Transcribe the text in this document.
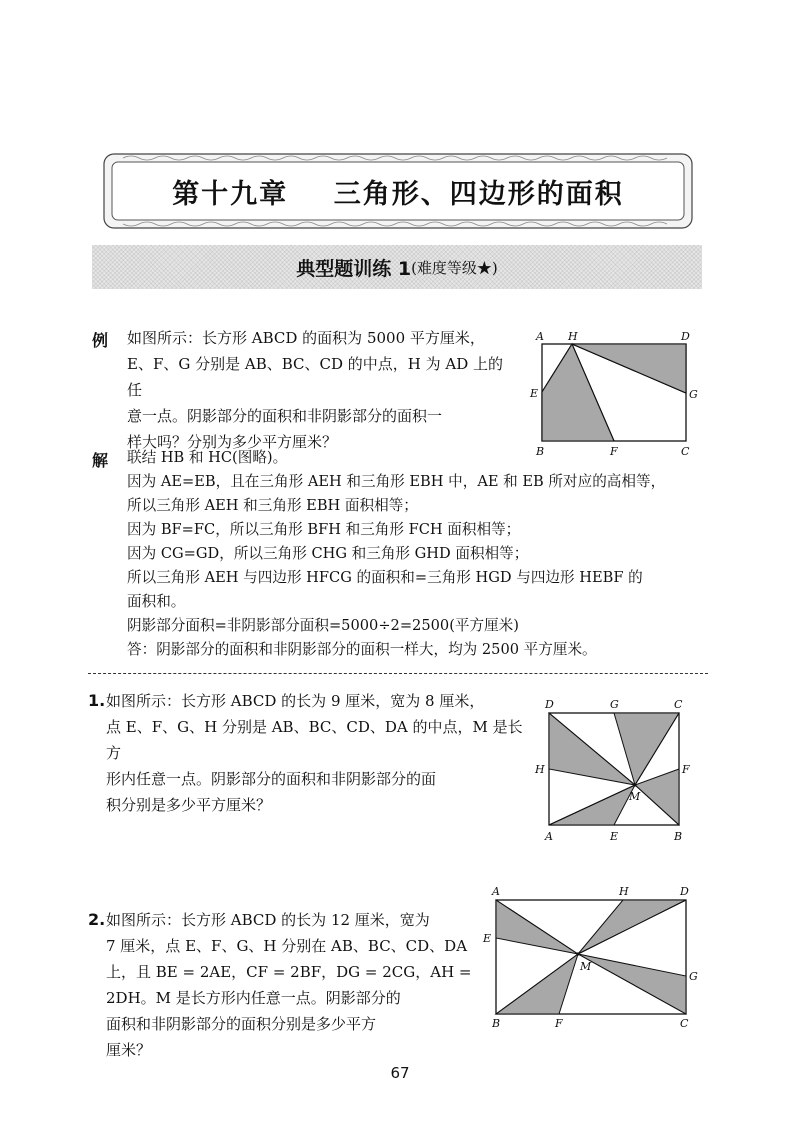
第十九章    三角形、四边形的面积
典型题训练 1 (难度等级★)
例 如图所示：长方形 ABCD 的面积为 5000 平方厘米，
E、F、G 分别是 AB、BC、CD 的中点，H 为 AD 上的任
意一点。阴影部分的面积和非阴影部分的面积一
样大吗？分别为多少平方厘米？
A H	D
E	G
B	F	C
解 联结 HB 和 HC(图略)。
因为 AE=EB，且在三角形 AEH 和三角形 EBH 中，AE 和 EB 所对应的高相等，
所以三角形 AEH 和三角形 EBH 面积相等；
因为 BF=FC，所以三角形 BFH 和三角形 FCH 面积相等；
因为 CG=GD，所以三角形 CHG 和三角形 GHD 面积相等；
所以三角形 AEH 与四边形 HFCG 的面积和=三角形 HGD 与四边形 HEBF 的
面积和。
阴影部分面积=非阴影部分面积=5000÷2=2500(平方厘米)
答：阴影部分的面积和非阴影部分的面积一样大，均为 2500 平方厘米。
1. 如图所示：长方形 ABCD 的长为 9 厘米，宽为 8 厘米，
点 E、F、G、H 分别是 AB、BC、CD、DA 的中点，M 是长方
形内任意一点。阴影部分的面积和非阴影部分的面
积分别是多少平方厘米？
D	G	C
H	F
M
A	E	B
2. 如图所示：长方形 ABCD 的长为 12 厘米，宽为
7 厘米，点 E、F、G、H 分别在 AB、BC、CD、DA
上，且 BE = 2AE，CF = 2BF，DG = 2CG，AH =
2DH。M 是长方形内任意一点。阴影部分的
面积和非阴影部分的面积分别是多少平方
厘米？
A	H	D
E
M
G
B	F	C
67
